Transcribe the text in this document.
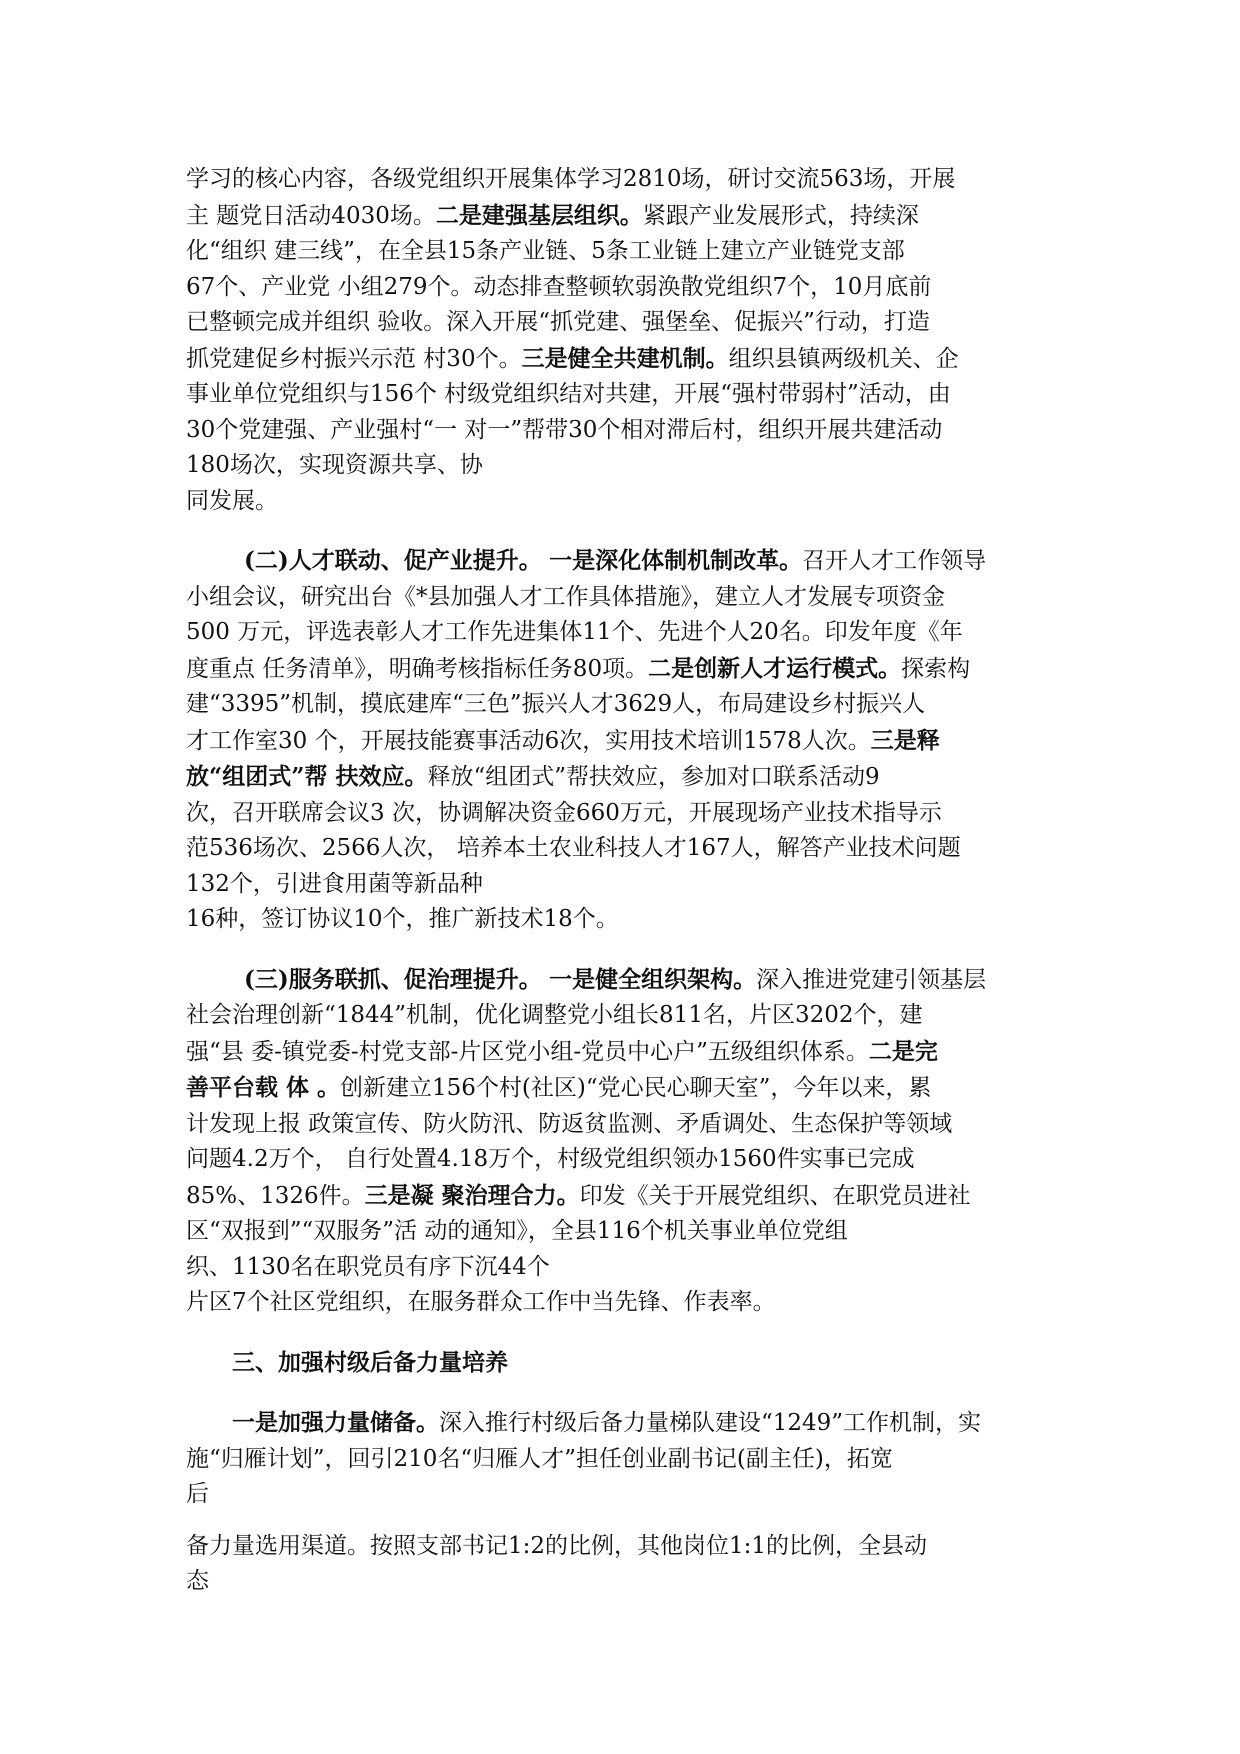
学习的核心内容，各级党组织开展集体学习2810场，研讨交流563场，开展

主 题党日活动4030场。二是建强基层组织。紧跟产业发展形式，持续深

化“组织 建三线”，在全县15条产业链、5条工业链上建立产业链党支部

67个、产业党 小组279个。动态排查整顿软弱涣散党组织7个，10月底前

已整顿完成并组织 验收。深入开展“抓党建、强堡垒、促振兴”行动，打造

抓党建促乡村振兴示范 村30个。三是健全共建机制。组织县镇两级机关、企

事业单位党组织与156个 村级党组织结对共建，开展“强村带弱村”活动，由

30个党建强、产业强村“一 对一”帮带30个相对滞后村，组织开展共建活动

180场次，实现资源共享、协

同发展。

(二)人才联动、促产业提升。 一是深化体制机制改革。召开人才工作领导

小组会议，研究出台《*县加强人才工作具体措施》，建立人才发展专项资金

500 万元，评选表彰人才工作先进集体11个、先进个人20名。印发年度《年

度重点 任务清单》，明确考核指标任务80项。二是创新人才运行模式。探索构

建“3395”机制，摸底建库“三色”振兴人才3629人，布局建设乡村振兴人

才工作室30 个，开展技能赛事活动6次，实用技术培训1578人次。三是释

放“组团式”帮 扶效应。释放“组团式”帮扶效应，参加对口联系活动9

次，召开联席会议3 次，协调解决资金660万元，开展现场产业技术指导示

范536场次、2566人次， 培养本土农业科技人才167人，解答产业技术问题

132个，引进食用菌等新品种

16种，签订协议10个，推广新技术18个。

(三)服务联抓、促治理提升。 一是健全组织架构。深入推进党建引领基层

社会治理创新“1844”机制，优化调整党小组长811名，片区3202个，建

强“县 委-镇党委-村党支部-片区党小组-党员中心户”五级组织体系。二是完

善平台载 体 。创新建立156个村(社区)“党心民心聊天室”，今年以来，累

计发现上报 政策宣传、防火防汛、防返贫监测、矛盾调处、生态保护等领域

问题4.2万个， 自行处置4.18万个，村级党组织领办1560件实事已完成

85%、1326件。三是凝 聚治理合力。印发《关于开展党组织、在职党员进社

区“双报到”“双服务”活 动的通知》，全县116个机关事业单位党组

织、1130名在职党员有序下沉44个

片区7个社区党组织，在服务群众工作中当先锋、作表率。

三、加强村级后备力量培养

一是加强力量储备。深入推行村级后备力量梯队建设“1249”工作机制，实

施“归雁计划”，回引210名“归雁人才”担任创业副书记(副主任)，拓宽

后

备力量选用渠道。按照支部书记1:2的比例，其他岗位1:1的比例，全县动

态
